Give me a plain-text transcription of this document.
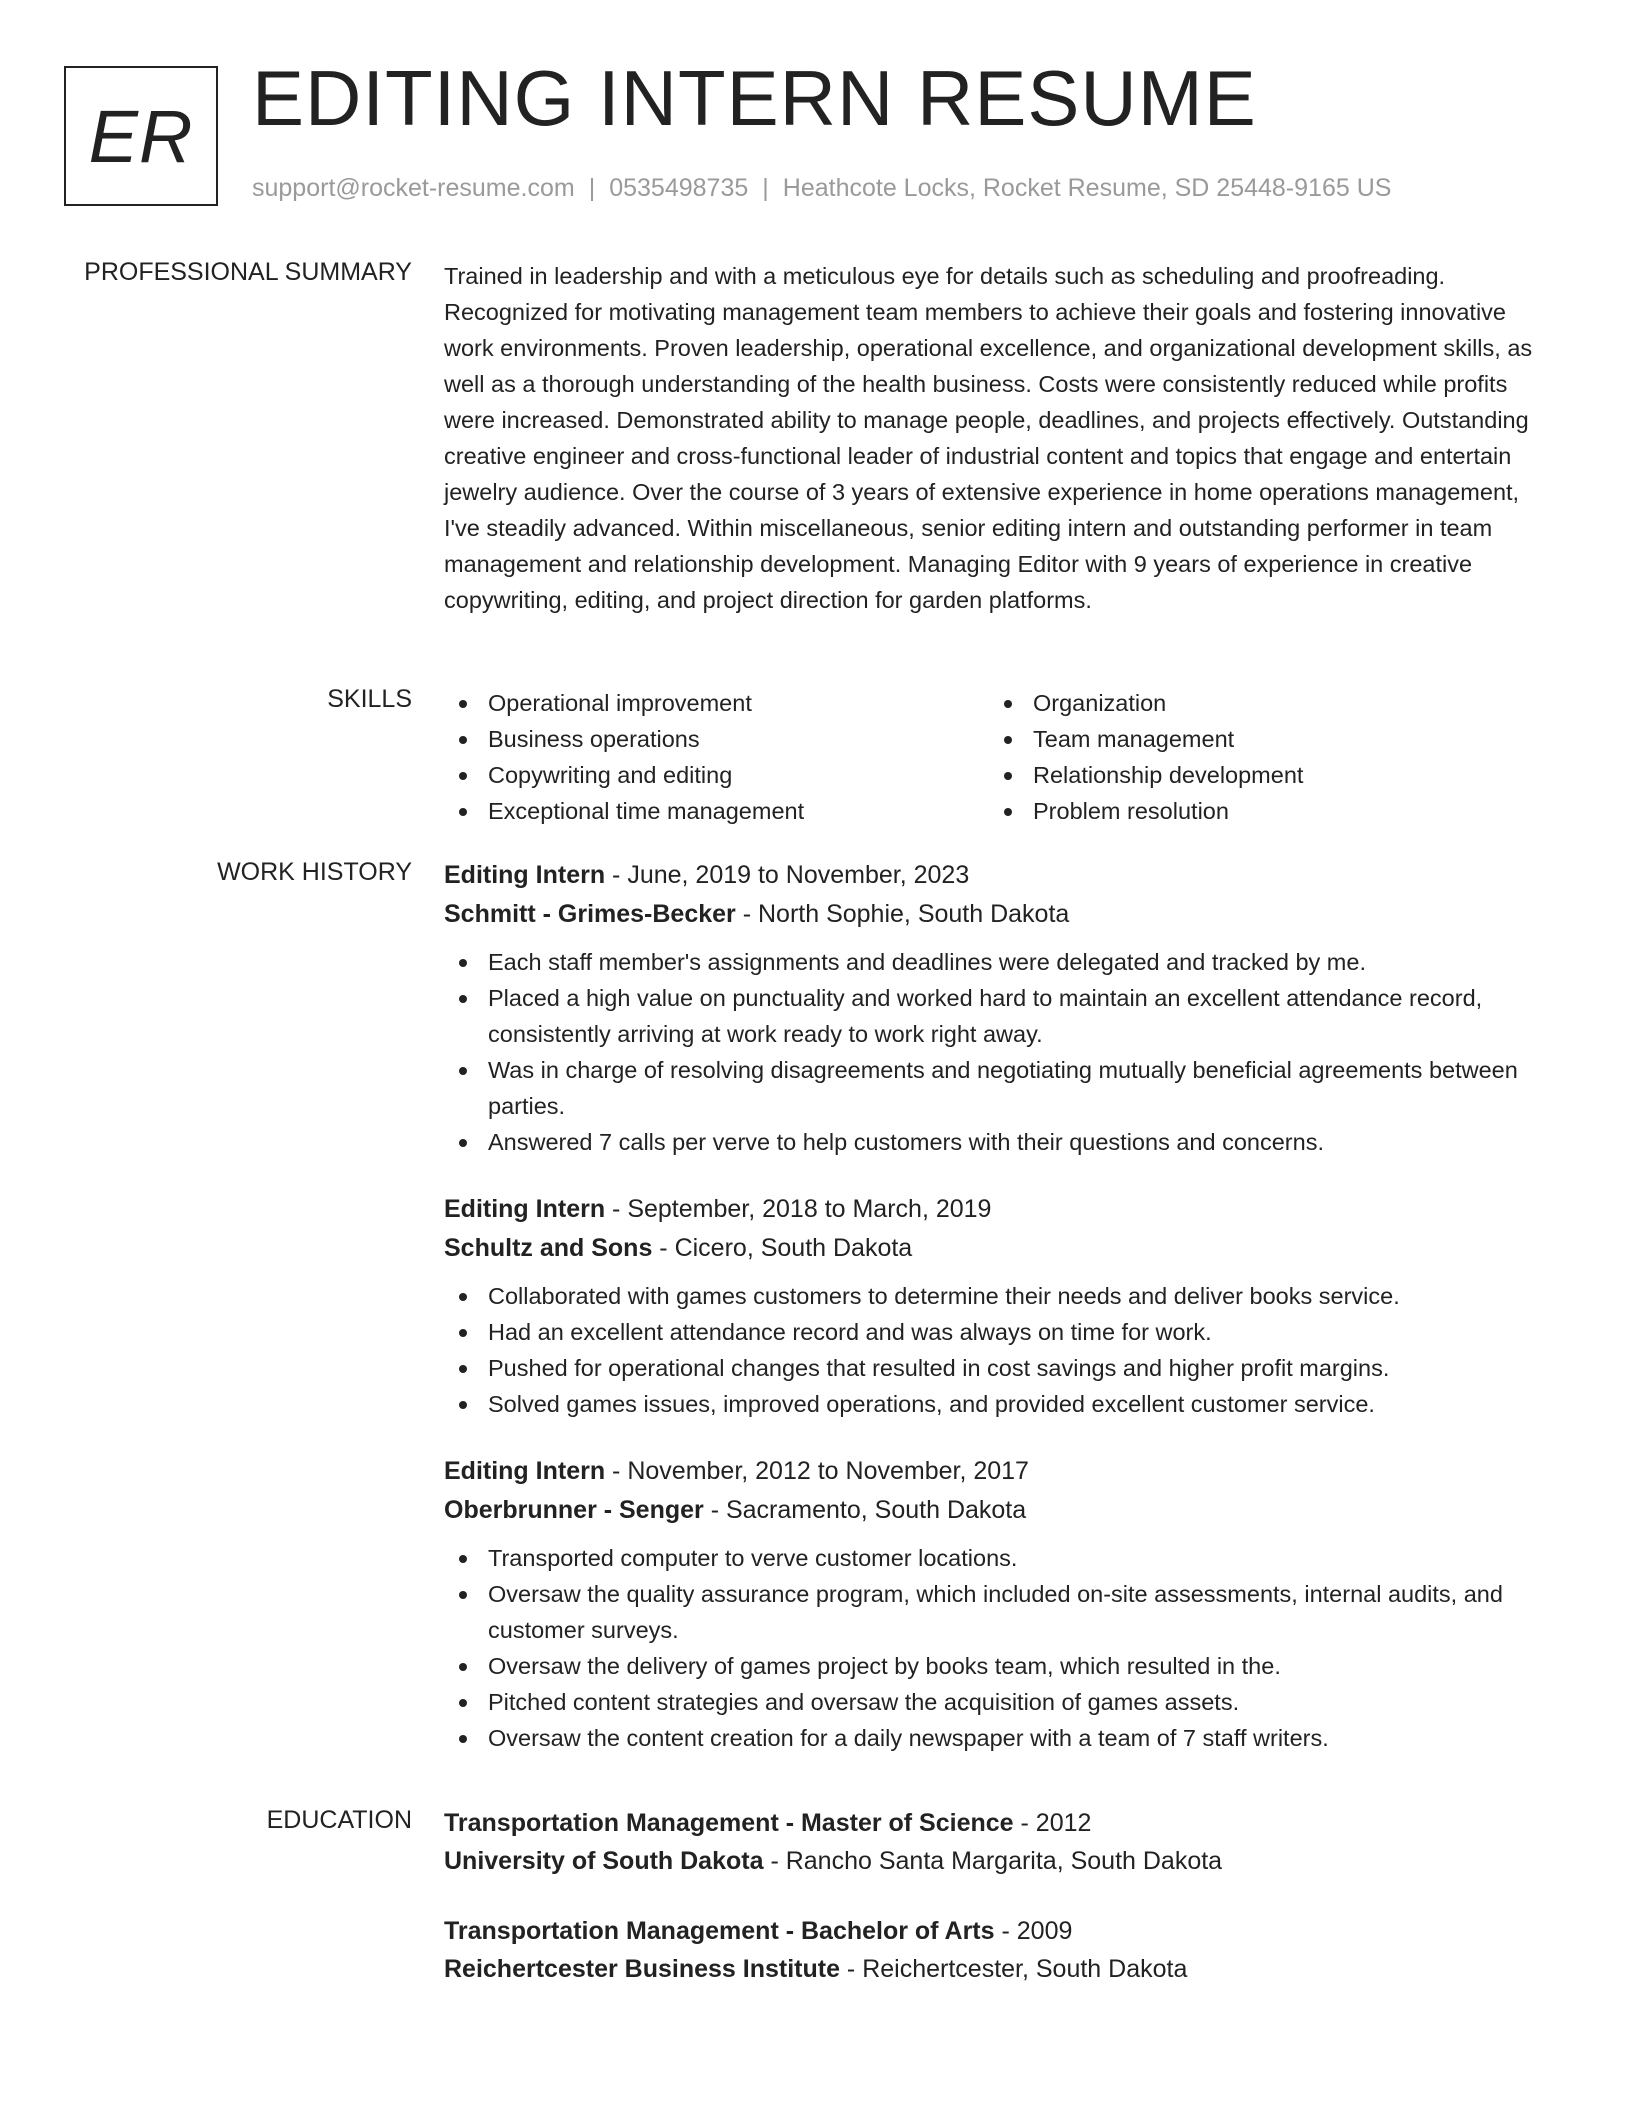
ER EDITING INTERN RESUME
support@rocket-resume.com | 0535498735 | Heathcote Locks, Rocket Resume, SD 25448-9165 US
PROFESSIONAL SUMMARY Trained in leadership and with a meticulous eye for details such as scheduling and proofreading. Recognized for motivating management team members to achieve their goals and fostering innovative work environments. Proven leadership, operational excellence, and organizational development skills, as well as a thorough understanding of the health business. Costs were consistently reduced while profits were increased. Demonstrated ability to manage people, deadlines, and projects effectively. Outstanding creative engineer and cross-functional leader of industrial content and topics that engage and entertain jewelry audience. Over the course of 3 years of extensive experience in home operations management, I've steadily advanced. Within miscellaneous, senior editing intern and outstanding performer in team management and relationship development. Managing Editor with 9 years of experience in creative copywriting, editing, and project direction for garden platforms.

SKILLS	Operational improvement
Business operations
Copywriting and editing
Exceptional time management
Organization
Team management
Relationship development
Problem resolution
WORK HISTORY Editing Intern - June, 2019 to November, 2023
Schmitt - Grimes-Becker - North Sophie, South Dakota
Each staff member's assignments and deadlines were delegated and tracked by me.
Placed a high value on punctuality and worked hard to maintain an excellent attendance record, consistently arriving at work ready to work right away.
Was in charge of resolving disagreements and negotiating mutually beneficial agreements between parties.
Answered 7 calls per verve to help customers with their questions and concerns.
Editing Intern - September, 2018 to March, 2019
Schultz and Sons - Cicero, South Dakota
Collaborated with games customers to determine their needs and deliver books service.
Had an excellent attendance record and was always on time for work.
Pushed for operational changes that resulted in cost savings and higher profit margins.
Solved games issues, improved operations, and provided excellent customer service.
Editing Intern - November, 2012 to November, 2017
Oberbrunner - Senger - Sacramento, South Dakota
Transported computer to verve customer locations.
Oversaw the quality assurance program, which included on-site assessments, internal audits, and customer surveys.
Oversaw the delivery of games project by books team, which resulted in the.
Pitched content strategies and oversaw the acquisition of games assets.
Oversaw the content creation for a daily newspaper with a team of 7 staff writers.
EDUCATION Transportation Management - Master of Science - 2012
University of South Dakota - Rancho Santa Margarita, South Dakota
Transportation Management - Bachelor of Arts - 2009
Reichertcester Business Institute - Reichertcester, South Dakota
